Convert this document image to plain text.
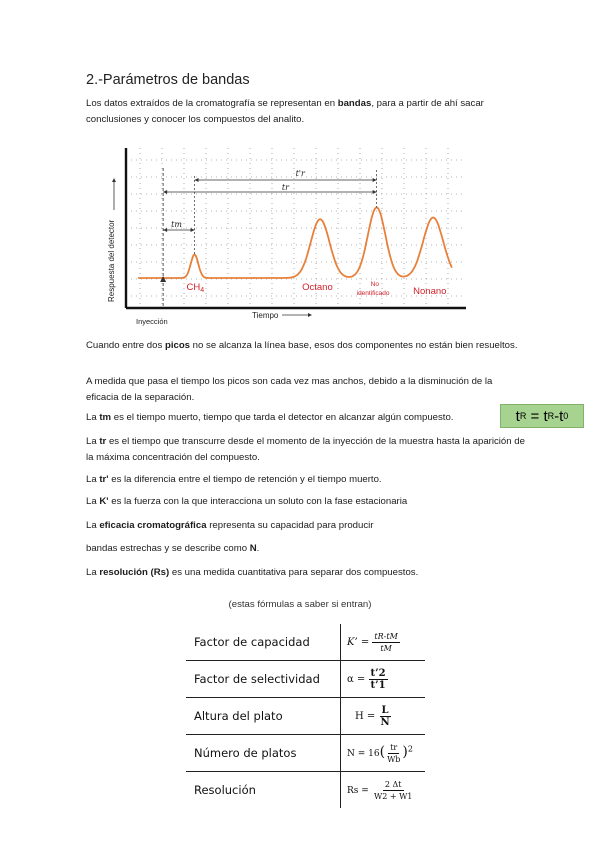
2.-Parámetros de bandas

Los datos extraídos de la cromatografía se representan en bandas, para a partir de ahí sacar conclusiones y conocer los compuestos del analito.

t'r
tr
tm
$CH_4$	Octano	No
identificado Nonano
Inyección
Tiempo
Respuesta del detector

Cuando entre dos picos no se alcanza la línea base, esos dos componentes no están bien resueltos.

A medida que pasa el tiempo los picos son cada vez mas anchos, debido a la disminución de la eficacia de la separación.

La tm es el tiempo muerto, tiempo que tarda el detector en alcanzar algún compuesto.	t R = t R - t 0

La tr es el tiempo que transcurre desde el momento de la inyección de la muestra hasta la aparición de la máxima concentración del compuesto.

La tr' es la diferencia entre el tiempo de retención y el tiempo muerto.

La K' es la fuerza con la que interacciona un soluto con la fase estacionaria

La eficacia cromatográfica representa su capacidad para producir

bandas estrechas y se describe como N.

La resolución (Rs) es una medida cuantitativa para separar dos compuestos.

(estas fórmulas a saber si entran)
Factor de capacidad	K’ = $\frac{tR-tM}{tM}$

Factor de selectividad	$\alpha = \frac{t’2}{t’1}$

Altura del plato	$H = \frac{L}{N}$

Número de platos	$N = 16( \frac{tr}{Wb} )^2$
Resolución	$Rs = \frac{2 \Delta t}{W2 + W1}$
